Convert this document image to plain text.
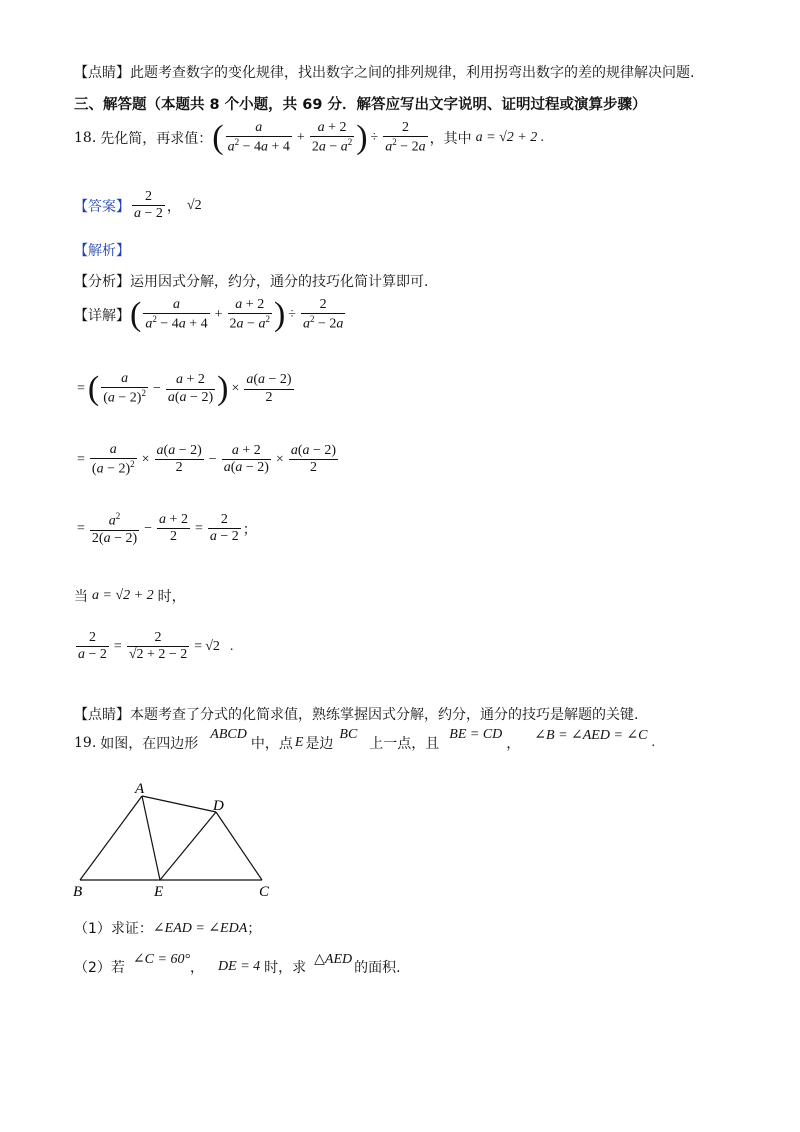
【点睛】此题考查数字的变化规律，找出数字之间的排列规律，利用拐弯出数字的差的规律解决问题.
三、解答题（本题共 8 个小题，共 69 分．解答应写出文字说明、证明过程或演算步骤）
18. 先化简，再求值： ( $\frac{a}{a^2 - 4a + 4} + \frac{a + 2}{2a - a^2}$ ) ÷ $\frac{2}{a^2 - 2a}$ ，其中 a = √2 + 2 .
【答案】 $\frac{2}{a - 2}$ ， √2
【解析】
【分析】运用因式分解，约分，通分的技巧化简计算即可.
【详解】 ( $\frac{a}{a^2 - 4a + 4} + \frac{a + 2}{2a - a^2}$ ) ÷ $\frac{2}{a^2 - 2a}$
= ( $\frac{a}{(a - 2)^2} - \frac{a + 2}{a(a - 2)}$ ) × $\frac{a(a - 2)}{2}$
= $\frac{a}{(a - 2)^2} \times \frac{a(a - 2)}{2} - \frac{a + 2}{a(a - 2)} \times \frac{a(a - 2)}{2}$
= $\frac{a^2}{2(a - 2)} - \frac{a + 2}{2} = \frac{2}{a - 2}$ ；
当 a = √2 + 2 时，
$\frac{2}{a - 2} = \frac{2}{√2 + 2 - 2} = √2$ .
【点睛】本题考查了分式的化简求值，熟练掌握因式分解，约分，通分的技巧是解题的关键.
19. 如图，在四边形
ABCD
中，点 E 是边
BC
上一点，且
BE = CD
，
∠B = ∠AED = ∠C .
A
B	C
D
E
（1）求证： ∠EAD = ∠EDA ；
（2）若
∠C = 60°
， DE = 4 时，求
△AED
的面积.
